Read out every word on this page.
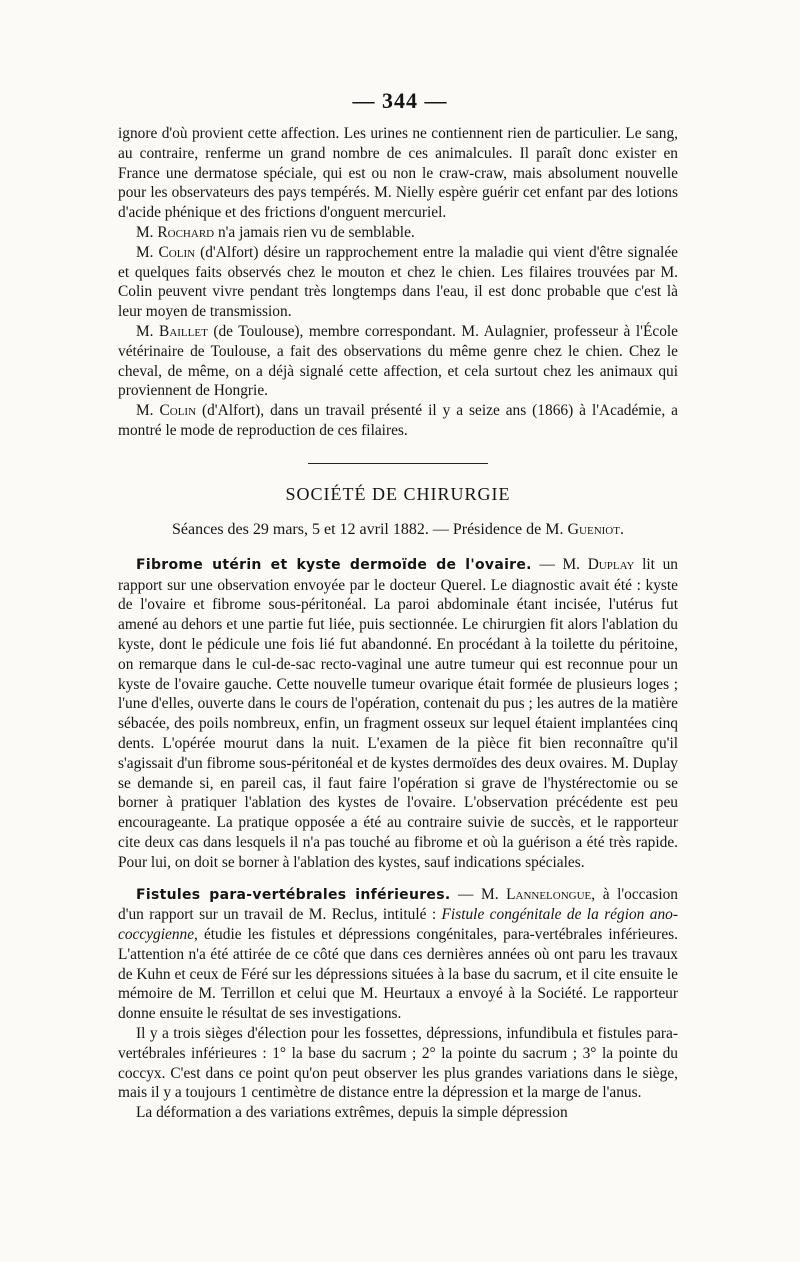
— 344 —

ignore d'où provient cette affection. Les urines ne contiennent rien de particulier. Le sang, au contraire, renferme un grand nombre de ces animalcules. Il paraît donc exister en France une dermatose spéciale, qui est ou non le craw-craw, mais absolument nouvelle pour les observateurs des pays tempérés. M. Nielly espère guérir cet enfant par des lotions d'acide phénique et des frictions d'onguent mercuriel.

M. Rochard n'a jamais rien vu de semblable.

M. Colin (d'Alfort) désire un rapprochement entre la maladie qui vient d'être signalée et quelques faits observés chez le mouton et chez le chien. Les filaires trouvées par M. Colin peuvent vivre pendant très longtemps dans l'eau, il est donc probable que c'est là leur moyen de transmission.

M. Baillet (de Toulouse), membre correspondant. M. Aulagnier, professeur à l'École vétérinaire de Toulouse, a fait des observations du même genre chez le chien. Chez le cheval, de même, on a déjà signalé cette affection, et cela surtout chez les animaux qui proviennent de Hongrie.

M. Colin (d'Alfort), dans un travail présenté il y a seize ans (1866) à l'Académie, a montré le mode de reproduction de ces filaires.

SOCIÉTÉ DE CHIRURGIE
Séances des 29 mars, 5 et 12 avril 1882. — Présidence de M. Gueniot.

Fibrome utérin et kyste dermoïde de l'ovaire. — M. Duplay lit un rapport sur une observation envoyée par le docteur Querel. Le diagnostic avait été : kyste de l'ovaire et fibrome sous-péritonéal. La paroi abdominale étant incisée, l'utérus fut amené au dehors et une partie fut liée, puis sectionnée. Le chirurgien fit alors l'ablation du kyste, dont le pédicule une fois lié fut abandonné. En procédant à la toilette du péritoine, on remarque dans le cul-de-sac recto-vaginal une autre tumeur qui est reconnue pour un kyste de l'ovaire gauche. Cette nouvelle tumeur ovarique était formée de plusieurs loges ; l'une d'elles, ouverte dans le cours de l'opération, contenait du pus ; les autres de la matière sébacée, des poils nombreux, enfin, un fragment osseux sur lequel étaient implantées cinq dents. L'opérée mourut dans la nuit. L'examen de la pièce fit bien reconnaître qu'il s'agissait d'un fibrome sous-péritonéal et de kystes dermoïdes des deux ovaires. M. Duplay se demande si, en pareil cas, il faut faire l'opération si grave de l'hystérectomie ou se borner à pratiquer l'ablation des kystes de l'ovaire. L'observation précédente est peu encourageante. La pratique opposée a été au contraire suivie de succès, et le rapporteur cite deux cas dans lesquels il n'a pas touché au fibrome et où la guérison a été très rapide. Pour lui, on doit se borner à l'ablation des kystes, sauf indications spéciales.

Fistules para-vertébrales inférieures. — M. Lannelongue, à l'occasion d'un rapport sur un travail de M. Reclus, intitulé : Fistule congénitale de la région ano-coccygienne, étudie les fistules et dépressions congénitales, para-vertébrales inférieures. L'attention n'a été attirée de ce côté que dans ces dernières années où ont paru les travaux de Kuhn et ceux de Féré sur les dépressions situées à la base du sacrum, et il cite ensuite le mémoire de M. Terrillon et celui que M. Heurtaux a envoyé à la Société. Le rapporteur donne ensuite le résultat de ses investigations.

Il y a trois sièges d'élection pour les fossettes, dépressions, infundibula et fistules para-vertébrales inférieures : 1° la base du sacrum ; 2° la pointe du sacrum ; 3° la pointe du coccyx. C'est dans ce point qu'on peut observer les plus grandes variations dans le siège, mais il y a toujours 1 centimètre de distance entre la dépression et la marge de l'anus.

La déformation a des variations extrêmes, depuis la simple dépression
